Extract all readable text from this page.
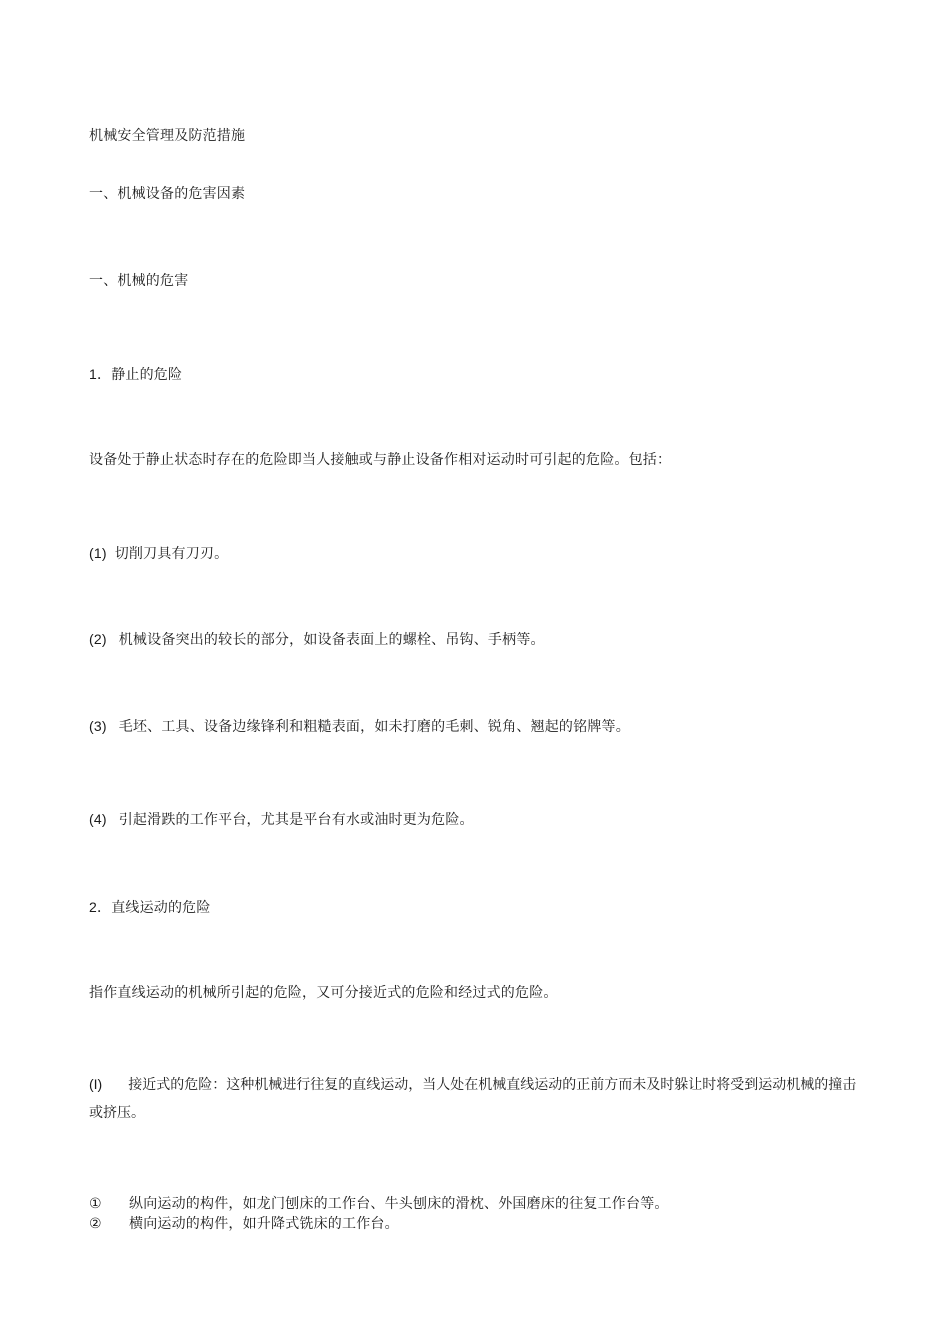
机械安全管理及防范措施
一、机械设备的危害因素
一、机械的危害
1．静止的危险
设备处于静止状态时存在的危险即当人接触或与静止设备作相对运动时可引起的危险。包括：
(1) 切削刀具有刀刃。
(2) 机械设备突出的较长的部分，如设备表面上的螺栓、吊钩、手柄等。
(3) 毛坯、工具、设备边缘锋利和粗糙表面，如未打磨的毛刺、锐角、翘起的铭牌等。
(4) 引起滑跌的工作平台，尤其是平台有水或油时更为危险。
2．直线运动的危险
指作直线运动的机械所引起的危险，又可分接近式的危险和经过式的危险。
(I) 接近式的危险：这种机械进行往复的直线运动，当人处在机械直线运动的正前方而未及时躲让时将受到运动机械的撞击或挤压。
① 纵向运动的构件，如龙门刨床的工作台、牛头刨床的滑枕、外国磨床的往复工作台等。
② 横向运动的构件，如升降式铣床的工作台。
